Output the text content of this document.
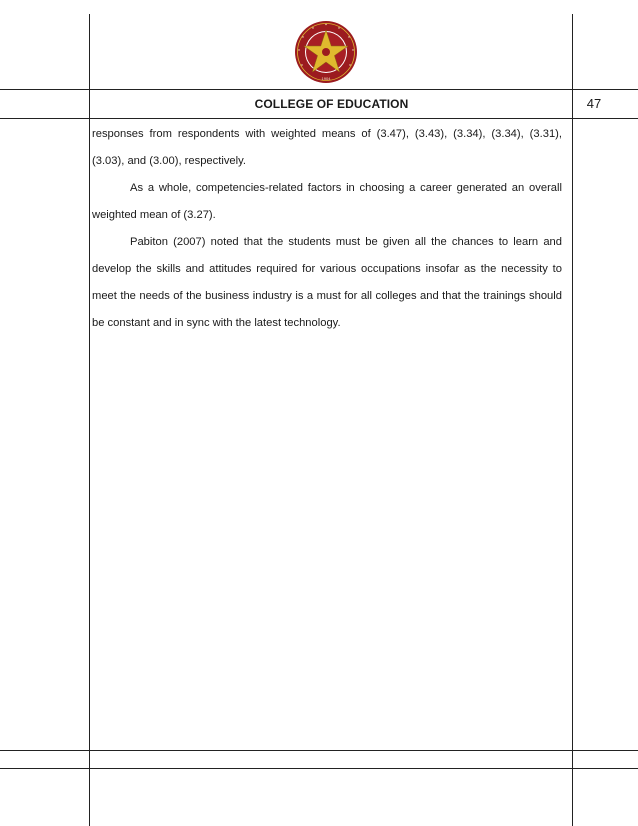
1904
COLLEGE OF EDUCATION	47

responses from respondents with weighted means of (3.47), (3.43), (3.34), (3.34), (3.31), (3.03), and (3.00), respectively.

As a whole, competencies-related factors in choosing a career generated an overall weighted mean of (3.27).

Pabiton (2007) noted that the students must be given all the chances to learn and develop the skills and attitudes required for various occupations insofar as the necessity to meet the needs of the business industry is a must for all colleges and that the trainings should be constant and in sync with the latest technology.
